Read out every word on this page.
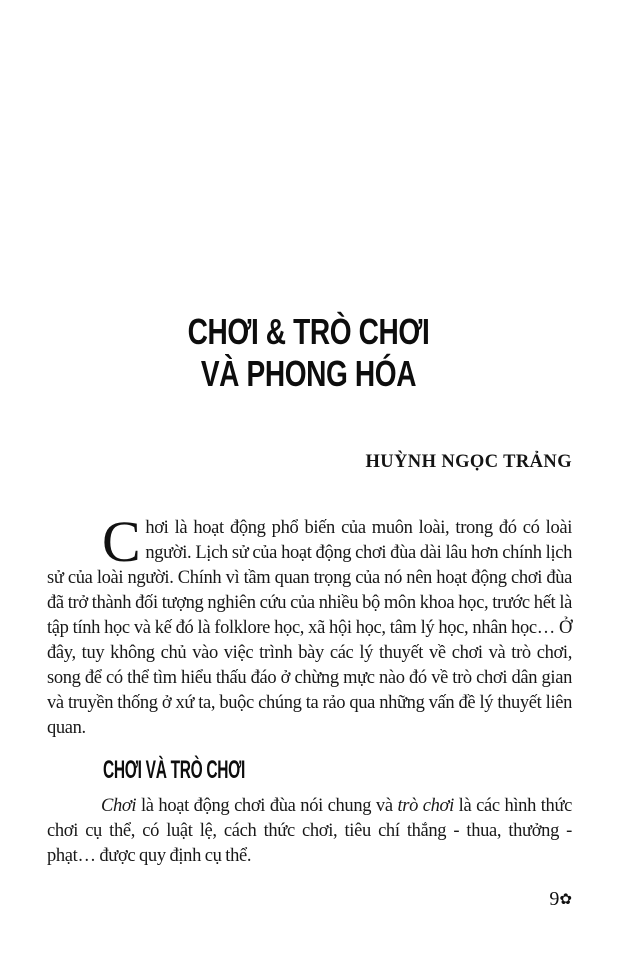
CHƠI & TRÒ CHƠI
VÀ PHONG HÓA
HUỲNH NGỌC TRẢNG

Chơi là hoạt động phổ biến của muôn loài, trong đó có loài người. Lịch sử của hoạt động chơi đùa dài lâu hơn chính lịch sử của loài người. Chính vì tầm quan trọng của nó nên hoạt động chơi đùa đã trở thành đối tượng nghiên cứu của nhiều bộ môn khoa học, trước hết là tập tính học và kế đó là folklore học, xã hội học, tâm lý học, nhân học… Ở đây, tuy không chủ vào việc trình bày các lý thuyết về chơi và trò chơi, song để có thể tìm hiểu thấu đáo ở chừng mực nào đó về trò chơi dân gian và truyền thống ở xứ ta, buộc chúng ta rảo qua những vấn đề lý thuyết liên quan.

CHƠI VÀ TRÒ CHƠI

Chơi là hoạt động chơi đùa nói chung và trò chơi là các hình thức chơi cụ thể, có luật lệ, cách thức chơi, tiêu chí thắng - thua, thưởng - phạt… được quy định cụ thể.

9✿
